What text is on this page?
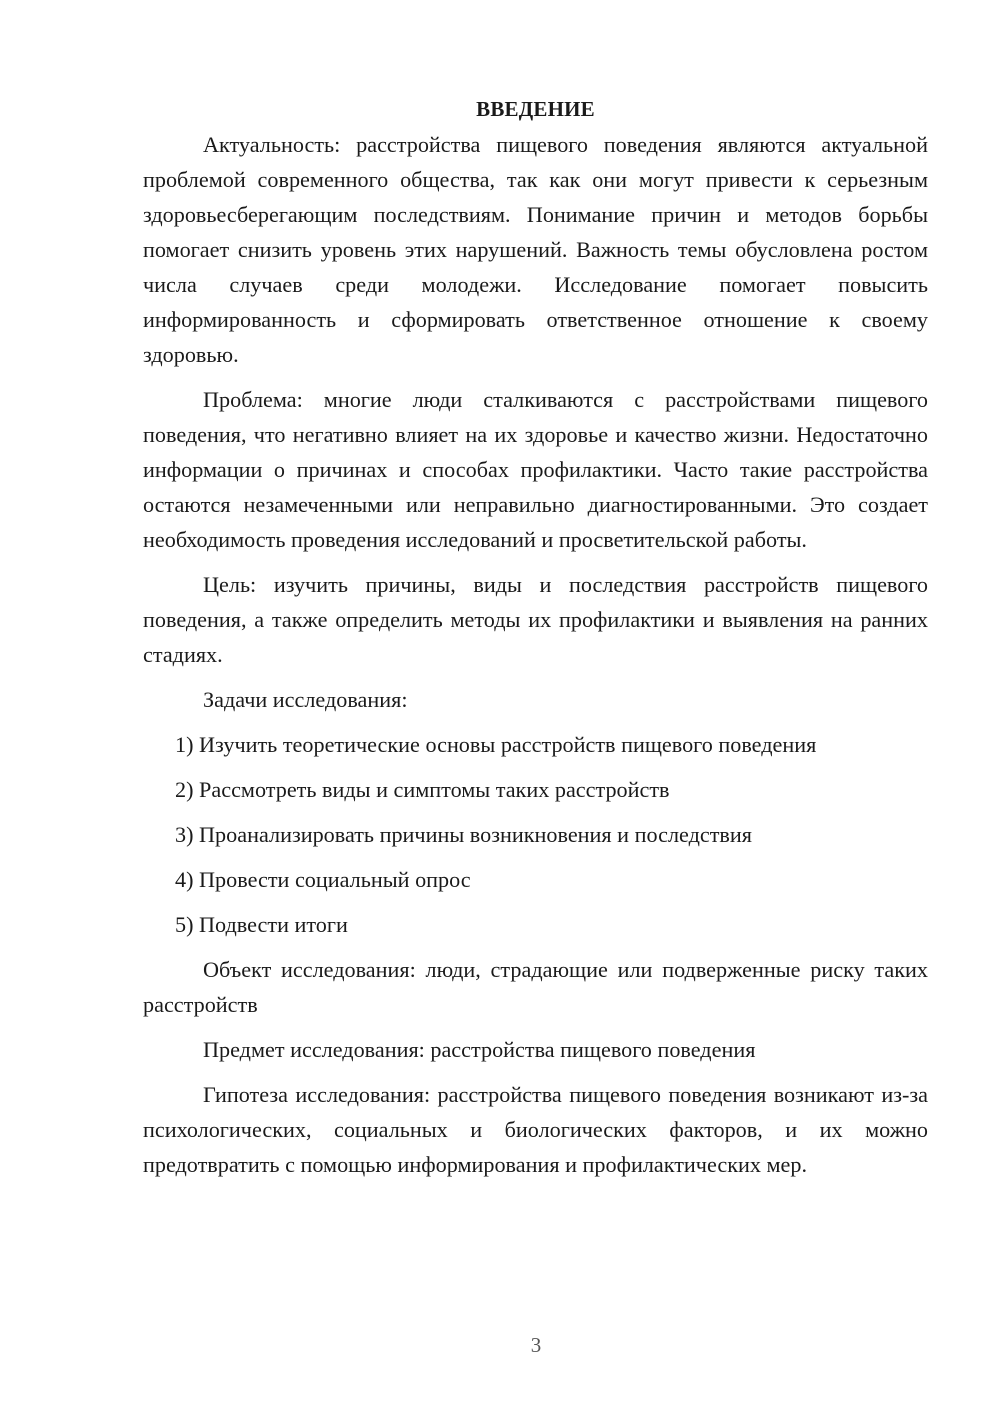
ВВЕДЕНИЕ

Актуальность: расстройства пищевого поведения являются актуальной проблемой современного общества, так как они могут привести к серьезным здоровьесберегающим последствиям. Понимание причин и методов борьбы помогает снизить уровень этих нарушений. Важность темы обусловлена ростом числа случаев среди молодежи. Исследование помогает повысить информированность и сформировать ответственное отношение к своему здоровью.

Проблема: многие люди сталкиваются с расстройствами пищевого поведения, что негативно влияет на их здоровье и качество жизни. Недостаточно информации о причинах и способах профилактики. Часто такие расстройства остаются незамеченными или неправильно диагностированными. Это создает необходимость проведения исследований и просветительской работы.

Цель: изучить причины, виды и последствия расстройств пищевого поведения, а также определить методы их профилактики и выявления на ранних стадиях.

Задачи исследования:

1) Изучить теоретические основы расстройств пищевого поведения

2) Рассмотреть виды и симптомы таких расстройств

3) Проанализировать причины возникновения и последствия

4) Провести социальный опрос

5) Подвести итоги

Объект исследования: люди, страдающие или подверженные риску таких расстройств

Предмет исследования: расстройства пищевого поведения

Гипотеза исследования: расстройства пищевого поведения возникают из-за психологических, социальных и биологических факторов, и их можно предотвратить с помощью информирования и профилактических мер.

3
